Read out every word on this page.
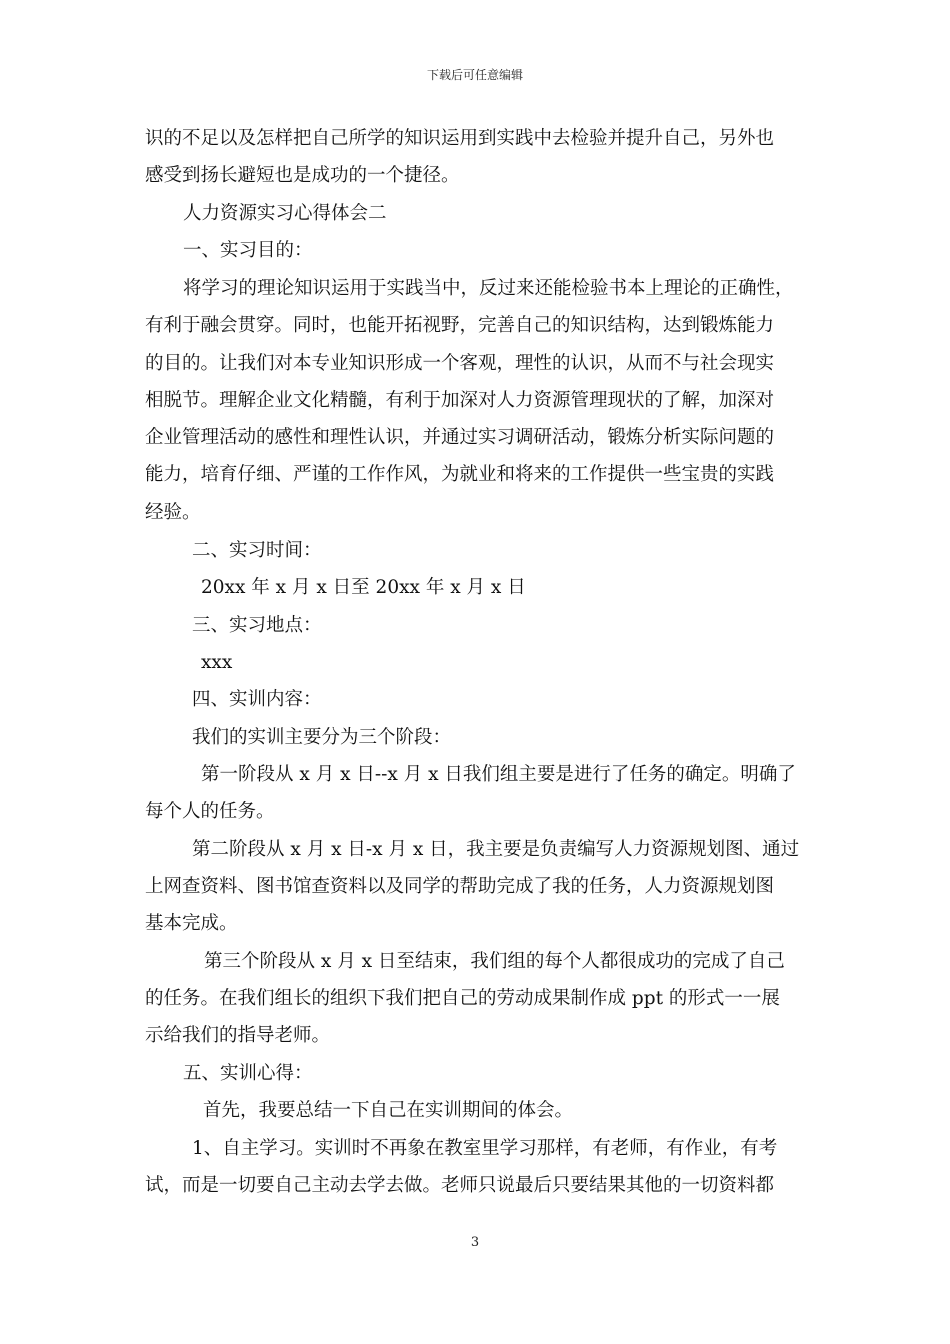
下载后可任意编辑
识的不足以及怎样把自己所学的知识运用到实践中去检验并提升自己，另外也
感受到扬长避短也是成功的一个捷径。
人力资源实习心得体会二
一、实习目的：
将学习的理论知识运用于实践当中，反过来还能检验书本上理论的正确性，
有利于融会贯穿。同时，也能开拓视野，完善自己的知识结构，达到锻炼能力
的目的。让我们对本专业知识形成一个客观，理性的认识，从而不与社会现实
相脱节。理解企业文化精髓，有利于加深对人力资源管理现状的了解，加深对
企业管理活动的感性和理性认识，并通过实习调研活动，锻炼分析实际问题的
能力，培育仔细、严谨的工作作风，为就业和将来的工作提供一些宝贵的实践
经验。
二、实习时间：
20xx 年 x 月 x 日至 20xx 年 x 月 x 日
三、实习地点：
xxx
四、实训内容：
我们的实训主要分为三个阶段：
第一阶段从 x 月 x 日--x 月 x 日我们组主要是进行了任务的确定。明确了
每个人的任务。
第二阶段从 x 月 x 日-x 月 x 日，我主要是负责编写人力资源规划图、通过
上网查资料、图书馆查资料以及同学的帮助完成了我的任务，人力资源规划图
基本完成。
第三个阶段从 x 月 x 日至结束，我们组的每个人都很成功的完成了自己
的任务。在我们组长的组织下我们把自己的劳动成果制作成 ppt 的形式一一展
示给我们的指导老师。
五、实训心得：
首先，我要总结一下自己在实训期间的体会。
1、自主学习。实训时不再象在教室里学习那样，有老师，有作业，有考
试，而是一切要自己主动去学去做。老师只说最后只要结果其他的一切资料都
3
